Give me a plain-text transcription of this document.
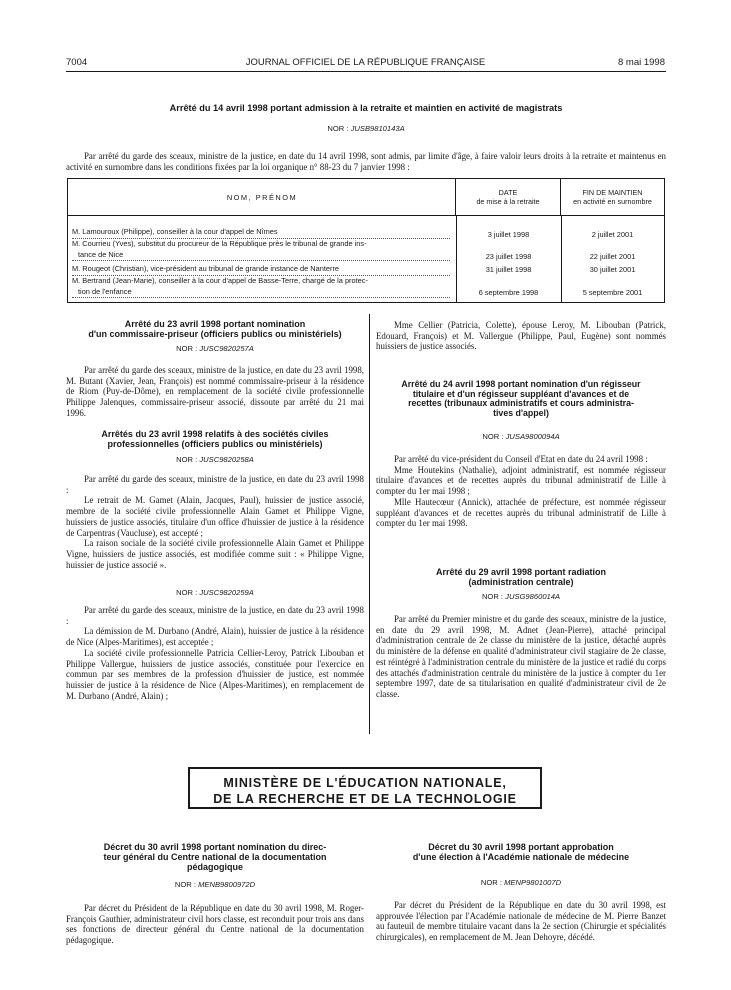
7004	JOURNAL OFFICIEL DE LA RÉPUBLIQUE FRANÇAISE	8 mai 1998
Arrêté du 14 avril 1998 portant admission à la retraite et maintien en activité de magistrats
NOR : JUSB9810143A

Par arrêté du garde des sceaux, ministre de la justice, en date du 14 avril 1998, sont admis, par limite d'âge, à faire valoir leurs droits à la retraite et maintenus en activité en surnombre dans les conditions fixées par la loi organique n° 88-23 du 7 janvier 1998 :

NOM, PRÉNOM
DATE
de mise à la retraite
FIN DE MAINTIEN
en activité en surnombre
M. Lamouroux (Philippe), conseiller à la cour d'appel de Nîmes
M. Courrieu (Yves), substitut du procureur de la République près le tribunal de grande ins-
tance de Nice
M. Rougeot (Christian), vice-président au tribunal de grande instance de Nanterre
M. Bertrand (Jean-Marie), conseiller à la cour d'appel de Basse-Terre, chargé de la protec-
tion de l'enfance
3 juillet 1998
23 juillet 1998
31 juillet 1998
6 septembre 1998
2 juillet 2001
22 juillet 2001
30 juillet 2001
5 septembre 2001
Arrêté du 23 avril 1998 portant nomination
d'un commissaire-priseur (officiers publics ou ministériels)
NOR : JUSC9820257A

Par arrêté du garde des sceaux, ministre de la justice, en date du 23 avril 1998, M. Butant (Xavier, Jean, François) est nommé commissaire-priseur à la résidence de Riom (Puy-de-Dôme), en remplacement de la société civile professionnelle Philippe Jalenques, commissaire-priseur associé, dissoute par arrêté du 21 mai 1996.

Arrêtés du 23 avril 1998 relatifs à des sociétés civiles
professionnelles (officiers publics ou ministériels)
NOR : JUSC9820258A

Par arrêté du garde des sceaux, ministre de la justice, en date du 23 avril 1998 :

Le retrait de M. Gamet (Alain, Jacques, Paul), huissier de justice associé, membre de la société civile professionnelle Alain Gamet et Philippe Vigne, huissiers de justice associés, titulaire d'un office d'huissier de justice à la résidence de Carpentras (Vaucluse), est accepté ;

La raison sociale de la société civile professionnelle Alain Gamet et Philippe Vigne, huissiers de justice associés, est modifiée comme suit : « Philippe Vigne, huissier de justice associé ».

NOR : JUSC9820259A

Par arrêté du garde des sceaux, ministre de la justice, en date du 23 avril 1998 :

La démission de M. Durbano (André, Alain), huissier de justice à la résidence de Nice (Alpes-Maritimes), est acceptée ;

La société civile professionnelle Patricia Cellier-Leroy, Patrick Libouban et Philippe Vallergue, huissiers de justice associés, constituée pour l'exercice en commun par ses membres de la profession d'huissier de justice, est nommée huissier de justice à la résidence de Nice (Alpes-Maritimes), en remplacement de M. Durbano (André, Alain) ;

Mme Cellier (Patricia, Colette), épouse Leroy, M. Libouban (Patrick, Edouard, François) et M. Vallergue (Philippe, Paul, Eugène) sont nommés huissiers de justice associés.

Arrêté du 24 avril 1998 portant nomination d'un régisseur
titulaire et d'un régisseur suppléant d'avances et de
recettes (tribunaux administratifs et cours administra-
tives d'appel)
NOR : JUSA9800094A

Par arrêté du vice-président du Conseil d'Etat en date du 24 avril 1998 :

Mme Houtekins (Nathalie), adjoint administratif, est nommée régisseur titulaire d'avances et de recettes auprès du tribunal administratif de Lille à compter du 1er mai 1998 ;

Mlle Hautecœur (Annick), attachée de préfecture, est nommée régisseur suppléant d'avances et de recettes auprès du tribunal administratif de Lille à compter du 1er mai 1998.

Arrêté du 29 avril 1998 portant radiation
(administration centrale)
NOR : JUSG9860014A

Par arrêté du Premier ministre et du garde des sceaux, ministre de la justice, en date du 29 avril 1998, M. Adnet (Jean-Pierre), attaché principal d'administration centrale de 2e classe du ministère de la justice, détaché auprès du ministère de la défense en qualité d'administrateur civil stagiaire de 2e classe, est réintégré à l'administration centrale du ministère de la justice et radié du corps des attachés d'administration centrale du ministère de la justice à compter du 1er septembre 1997, date de sa titularisation en qualité d'administrateur civil de 2e classe.

MINISTÈRE DE L'ÉDUCATION NATIONALE,
DE LA RECHERCHE ET DE LA TECHNOLOGIE
Décret du 30 avril 1998 portant nomination du direc-
teur général du Centre national de la documentation
pédagogique
NOR : MENB9800972D

Par décret du Président de la République en date du 30 avril 1998, M. Roger-François Gauthier, administrateur civil hors classe, est reconduit pour trois ans dans ses fonctions de directeur général du Centre national de la documentation pédagogique.

Décret du 30 avril 1998 portant approbation
d'une élection à l'Académie nationale de médecine
NOR : MENP9801007D

Par décret du Président de la République en date du 30 avril 1998, est approuvée l'élection par l'Académie nationale de médecine de M. Pierre Banzet au fauteuil de membre titulaire vacant dans la 2e section (Chirurgie et spécialités chirurgicales), en remplacement de M. Jean Dehoyre, décédé.
